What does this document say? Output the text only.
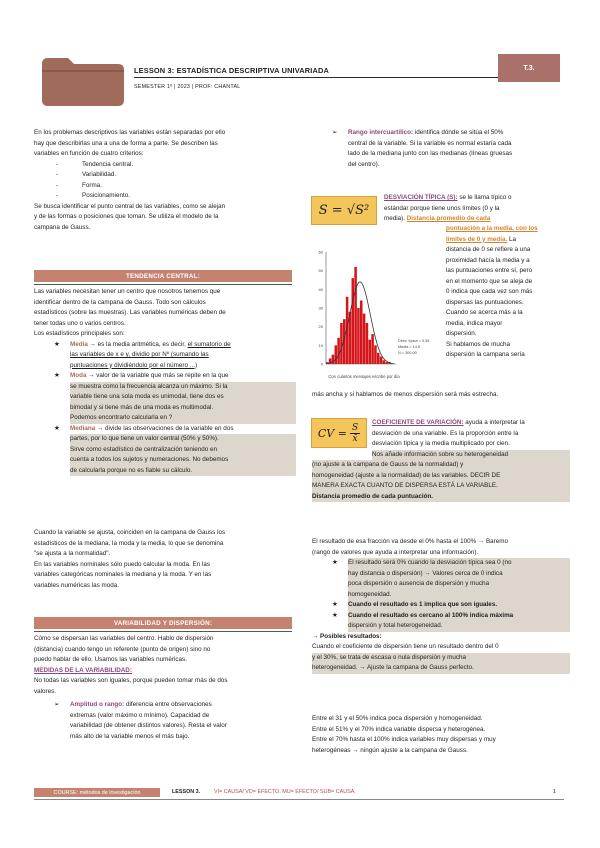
LESSON 3: ESTADÍSTICA DESCRIPTIVA UNIVARIADA
SEMESTER 1º | 2023 | PROF: CHANTAL
T.3.
En los problemas descriptivos las variables están separadas por ello
hay que describirlas una a una de forma a parte. Se describen las
variables en función de cuatro criterios:
- Tendencia central.
- Variabilidad.
- Forma.
- Posicionamiento.
Se busca identificar el punto central de las variables, como se alejan
y de las formas o posiciones que toman. Se utiliza el modelo de la
campana de Gauss.
TENDENCIA CENTRAL:
Las variables necesitan tener un centro que nosotros tenemos que
identificar dentro de la campana de Gauss. Todo son cálculos
estadísticos (sobre las muestras). Las variables numéricas deben de
tener todas uno o varios centros.
Los estadísticos principales son:
★ Media → es la media aritmética, es decir, el sumatorio de
las variables de x e y, dividio por Nº (sumando las
puntuaciones y dividiéndolo por el número ...)
★ Moda → valor de la variable que más se repite en la que
se muestra como la frecuencia alcanza un máximo. Si la
variable tiene una sola moda es unimodal, tiene dos es
bimodal y si tiene más de una moda es multimodal.
Podemos encontrarlo calcularla en ?
★ Mediana → divide las observaciones de la variable en dos
partes, por lo que tiene un valor central (50% y 50%).
Sirve como estadístico de centralización teniendo en
cuenta a todos los sujetos y numeraciones. No debemos
de calcularla porque no es fiable su cálculo.
Cuando la variable se ajusta, coinciden en la campana de Gauss los
estadísticos de la mediana, la moda y la media, lo que se denomina
"se ajusta a la normalidad".
En las variables nominales sólo puedo calcular la moda. En las
variables categóricas nominales la mediana y la moda. Y en las
variables numéricas las moda.
VARIABILIDAD Y DISPERSIÓN:
Cómo se dispersan las variables del centro. Hablo de dispersión
(distancia) cuando tengo un referente (punto de origen) sino no
puedo hablar de ello. Usamos las variables numéricas.
MEDIDAS DE LA VARIABILIDAD:
No todas las variables son iguales, porque pueden tomar más de dos
valores.
➢ Amplitud o rango: diferencia entre observaciones
extremas (valor máximo o mínimo). Capacidad de
variabilidad (de obtener distintos valores). Resta el valor
más alto de la variable menos el más bajo.
➢ Rango intercuartílico: identifica dónde se sitúa el 50%
central de la variable. Si la variable es normal estaría cada
lado de la mediana junto con las medianas (líneas gruesas
del centro).
S = √S²
DESVIACIÓN TÍPICA (S): se le llama típico o
estándar porque tiene unos límites (0 y la
media). Distancia promedio de cada
puntuación a la media, con los
límites de 0 y media. La
distancia de 0 se refiere a una
proximidad hacía la media y a
las puntuaciones entre sí, pero
en el momento que se aleja de
0 indica que cada vez son más
dispersas las puntuaciones.
Cuando se acerca más a la
media, indica mayor
dispersión.
Si hablamos de mucha
dispersión la campana sería
más ancha y si hablamos de menos dispersión será más estrecha.
0
10
20
30
40
50
60
Desv. típica = 3,39
Media = 14,5
N = 300,00
Con cuántos mensajes escribe por día
CV = $\frac{S}{x̄}$ COEFICIENTE DE VARIACIÓN: ayuda a interpretar la
desviación de una variable. Es la proporción entre la
desviación típica y la media multiplicado por cien.
Nos añade información sobre su heterogeneidad
(no ajuste a la campana de Gauss de la normalidad) y
homogeneidad (ajuste a la normalidad) de las variables. DECIR DE
MANERA EXACTA CUANTO DE DISPERSA ESTÁ LA VARIABLE.
Distancia promedio de cada puntuación.
El resultado de esa fracción va desde el 0% hasta el 100% → Baremo
(rango de valores que ayuda a interpretar una información).
★ El resultado será 0% cuando la desviación típica sea 0 (no
hay distancia o dispersión) → Valores cerca de 0 indica
poca dispersión o ausencia de dispersión y mucha
homogeneidad.
★ Cuando el resultado es 1 implica que son iguales.
★ Cuando el resultado es cercano al 100% indica máxima
dispersión y total heterogeneidad.
→ Posibles resultados:
Cuando el coeficiente de dispersión tiene un resultado dentro del 0
y el 30%, se trata de escasa o nula dispersión y mucha
heterogeneidad. → Ajuste la campana de Gauss perfecto.
Entre el 31 y el 50% indica poca dispersión y homogeneidad.
Entre el 51% y el 70% indica variable dispersa y heterogénea.
Entre el 70% hasta el 100% indica variables muy dispersas y muy
heterogéneas → ningún ajuste a la campana de Gauss.
COURSE: métodos de investigación	LESSON 3.	VI= CAUSA/ VD= EFECTO. MU= EFECTO/ SUB= CAUSA.	1
